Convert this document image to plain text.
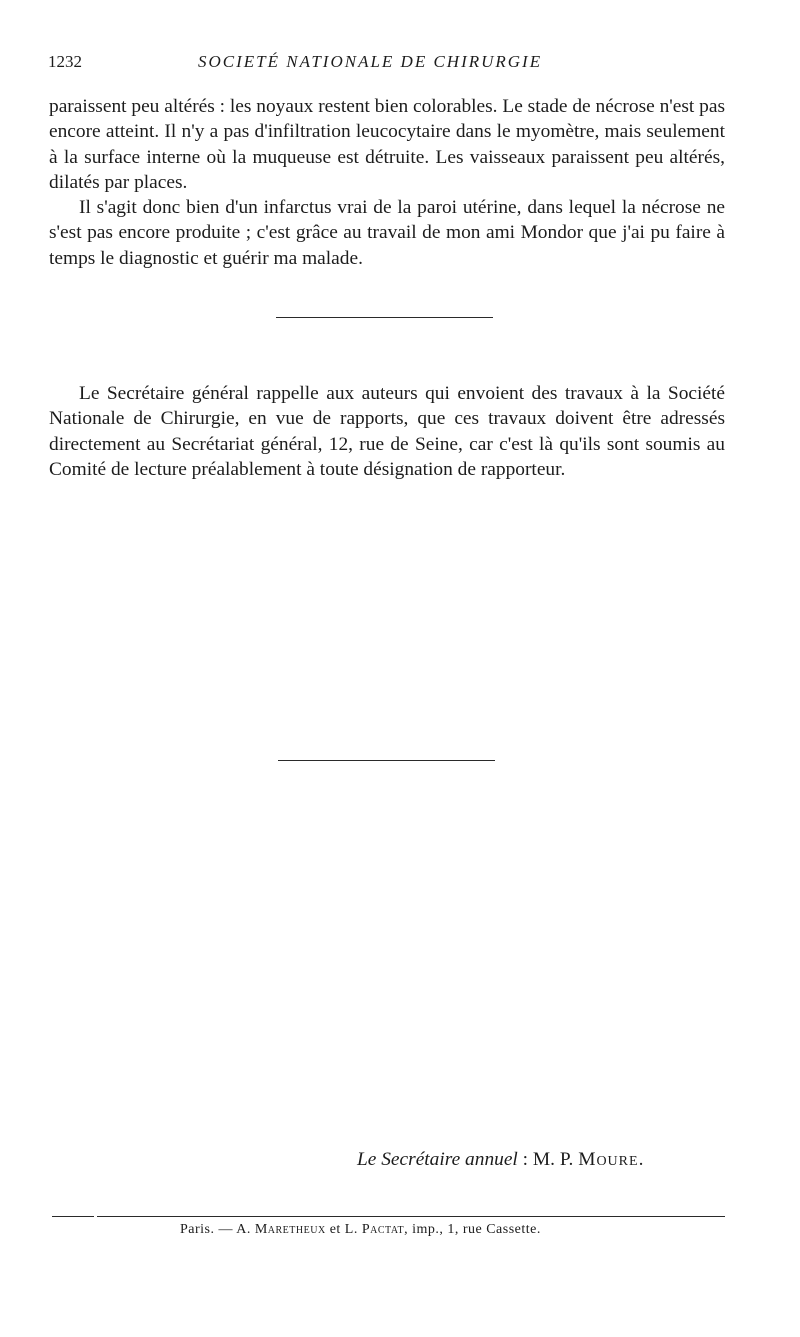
1232	SOCIETÉ NATIONALE DE CHIRURGIE

paraissent peu altérés : les noyaux restent bien colorables. Le stade de nécrose n'est pas encore atteint. Il n'y a pas d'infiltration leucocytaire dans le myomètre, mais seulement à la surface interne où la muqueuse est détruite. Les vaisseaux paraissent peu altérés, dilatés par places.

Il s'agit donc bien d'un infarctus vrai de la paroi utérine, dans lequel la nécrose ne s'est pas encore produite ; c'est grâce au travail de mon ami Mondor que j'ai pu faire à temps le diagnostic et guérir ma malade.

Le Secrétaire général rappelle aux auteurs qui envoient des travaux à la Société Nationale de Chirurgie, en vue de rapports, que ces travaux doivent être adressés directement au Secrétariat général, 12, rue de Seine, car c'est là qu'ils sont soumis au Comité de lecture préalablement à toute désignation de rapporteur.

Le Secrétaire annuel : M. P. Moure.
Paris. — A. Maretheux et L. Pactat, imp., 1, rue Cassette.
